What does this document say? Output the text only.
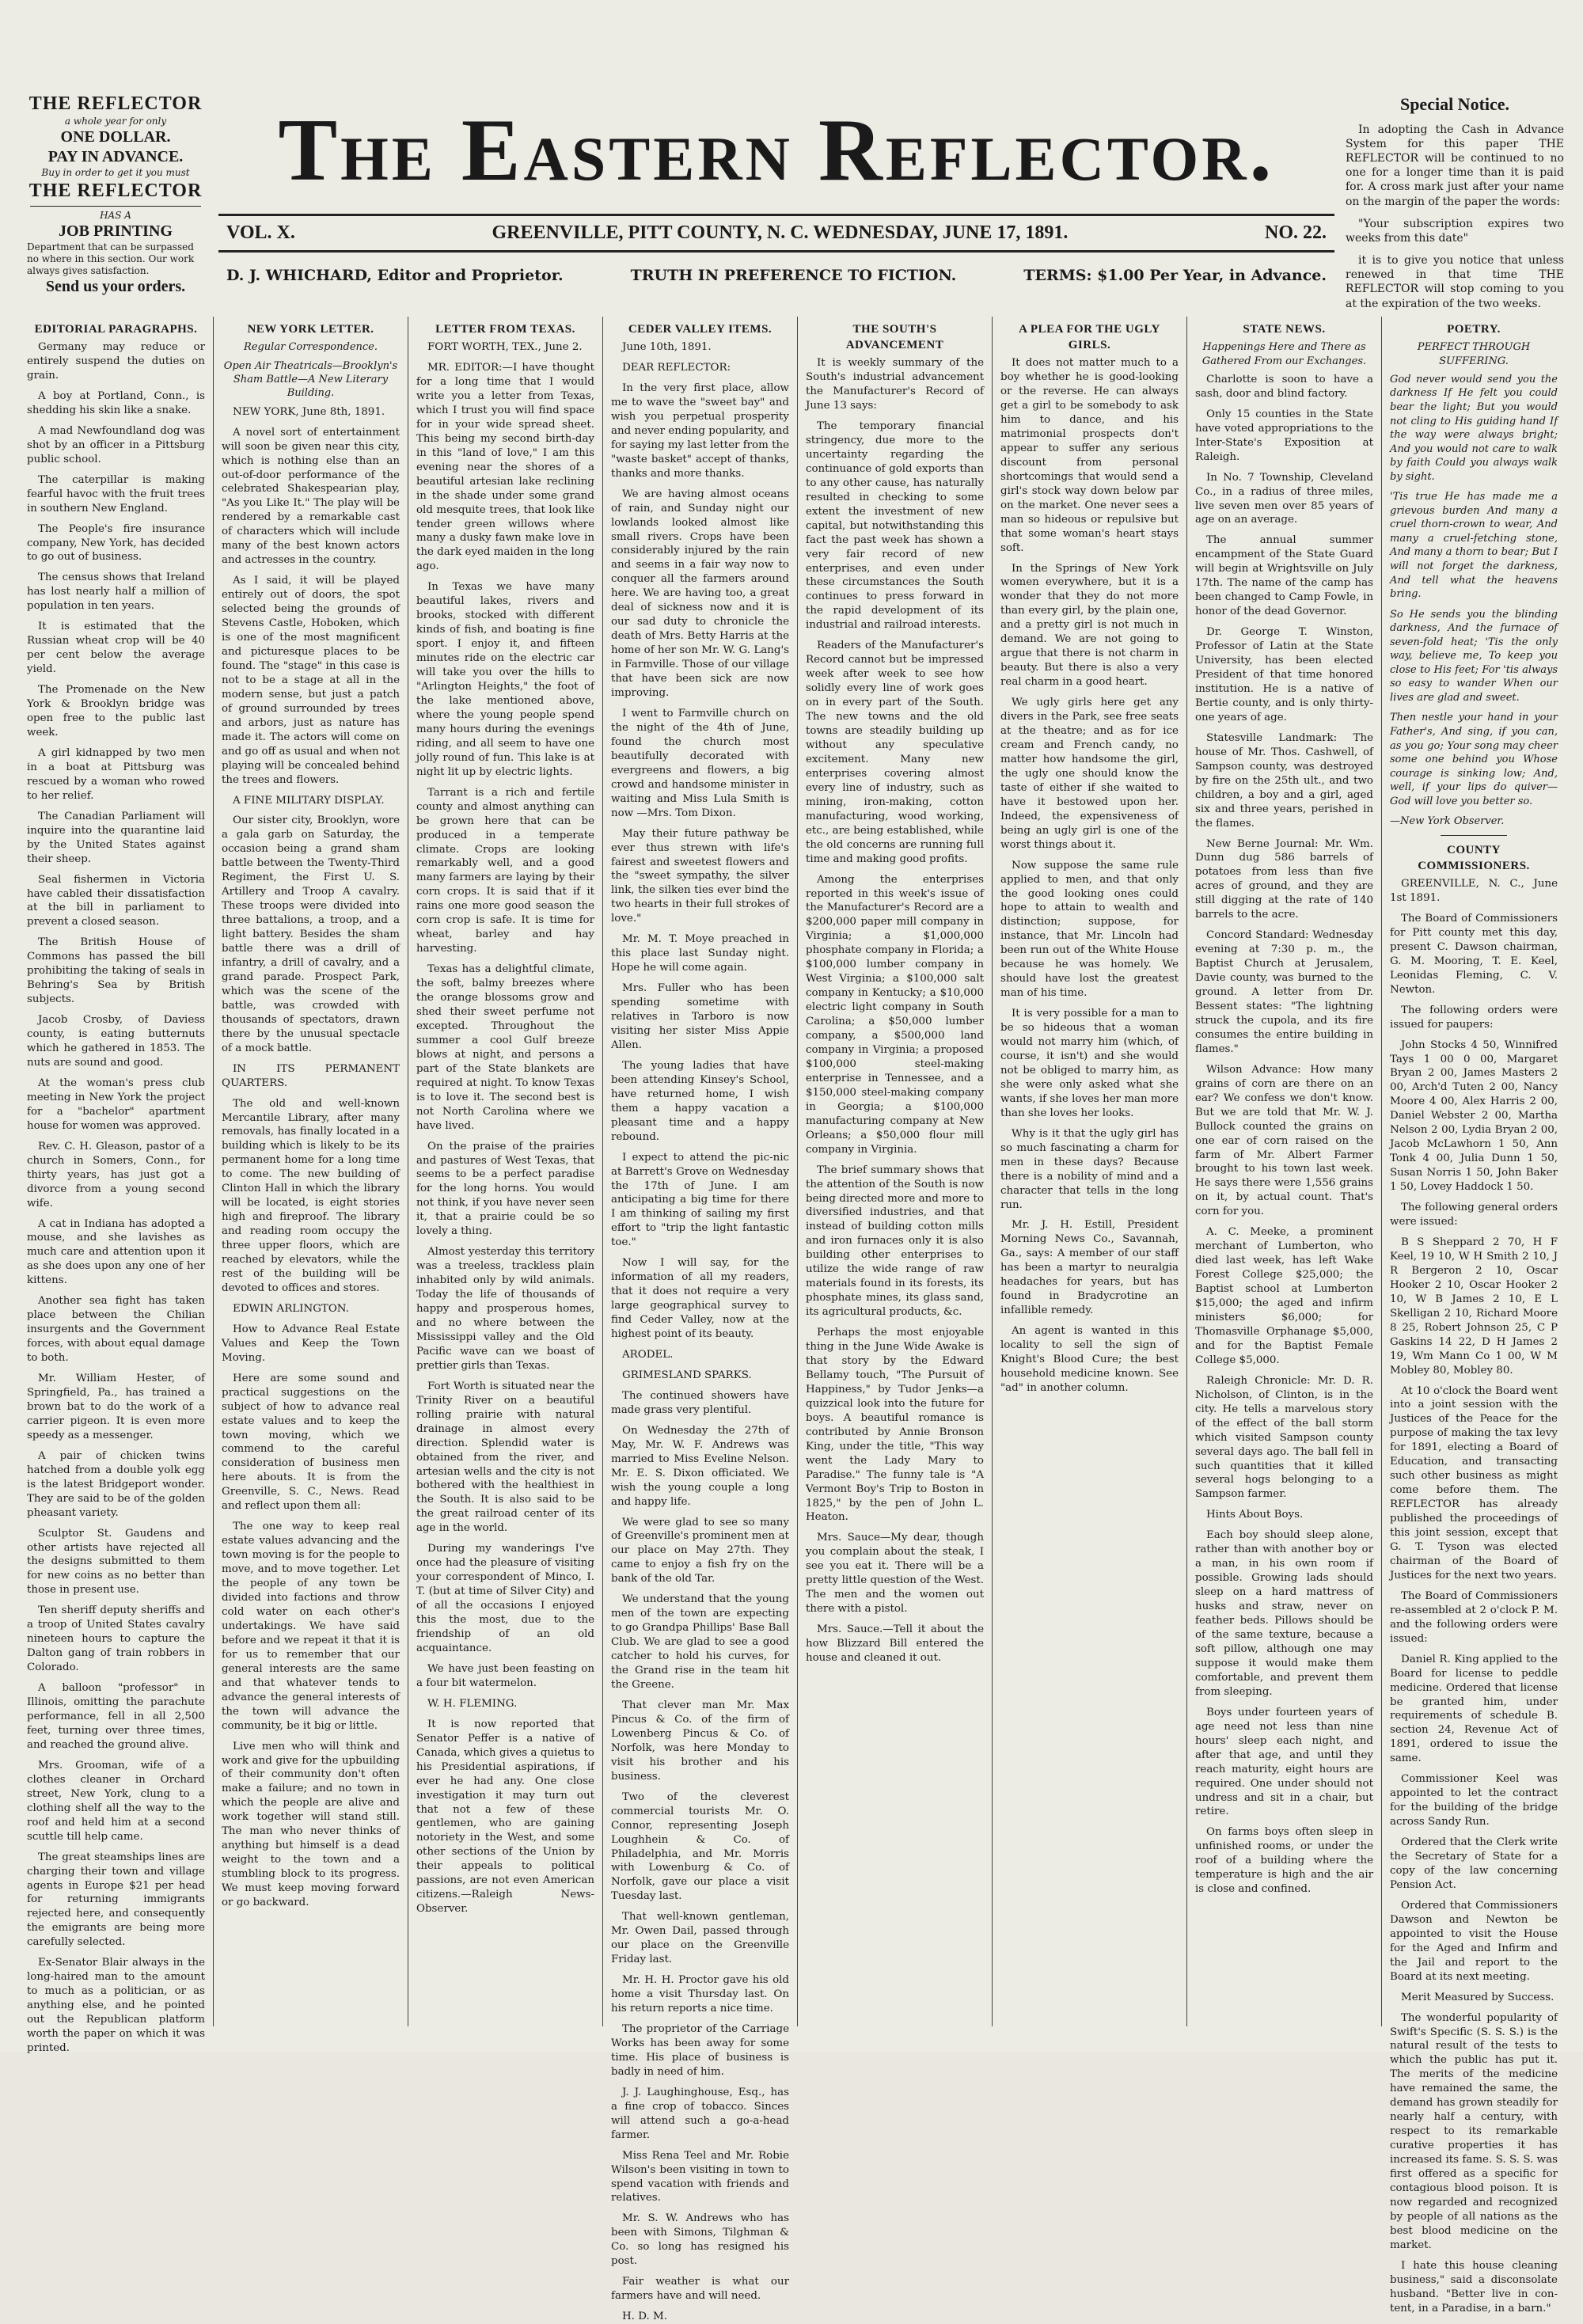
THE REFLECTOR
a whole year for only
ONE DOLLAR.
PAY IN ADVANCE.
Buy in order to get it you must
THE REFLECTOR
HAS A
JOB PRINTING
Department that can be surpassed no where in this section. Our work always gives satisfaction.
Send us your orders.
The Eastern Reflector.
VOL. X.	GREENVILLE, PITT COUNTY, N. C. WEDNESDAY, JUNE 17, 1891.	NO. 22.
D. J. WHICHARD, Editor and Proprietor.	TRUTH IN PREFERENCE TO FICTION.	TERMS: $1.00 Per Year, in Advance.
Special Notice.

In adopting the Cash in Advance System for this paper THE REFLECTOR will be continued to no one for a longer time than it is paid for. A cross mark just after your name on the margin of the paper the words:

"Your subscription expires two weeks from this date"

it is to give you notice that unless renewed in that time THE REFLECTOR will stop coming to you at the expiration of the two weeks.

EDITORIAL PARAGRAPHS.

Germany may reduce or entirely suspend the duties on grain.

A boy at Portland, Conn., is shedding his skin like a snake.

A mad Newfoundland dog was shot by an officer in a Pittsburg public school.

The caterpillar is making fearful havoc with the fruit trees in southern New England.

The People's fire insurance company, New York, has decided to go out of business.

The census shows that Ireland has lost nearly half a million of population in ten years.

It is estimated that the Russian wheat crop will be 40 per cent below the average yield.

The Promenade on the New York & Brooklyn bridge was open free to the public last week.

A girl kidnapped by two men in a boat at Pittsburg was rescued by a woman who rowed to her relief.

The Canadian Parliament will inquire into the quarantine laid by the United States against their sheep.

Seal fishermen in Victoria have cabled their dissatisfaction at the bill in parliament to prevent a closed season.

The British House of Commons has passed the bill prohibiting the taking of seals in Behring's Sea by British subjects.

Jacob Crosby, of Daviess county, is eating butternuts which he gathered in 1853. The nuts are sound and good.

At the woman's press club meeting in New York the project for a "bachelor" apartment house for women was approved.

Rev. C. H. Gleason, pastor of a church in Somers, Conn., for thirty years, has just got a divorce from a young second wife.

A cat in Indiana has adopted a mouse, and she lavishes as much care and attention upon it as she does upon any one of her kittens.

Another sea fight has taken place between the Chilian insurgents and the Government forces, with about equal damage to both.

Mr. William Hester, of Springfield, Pa., has trained a brown bat to do the work of a carrier pigeon. It is even more speedy as a messenger.

A pair of chicken twins hatched from a double yolk egg is the latest Bridgeport wonder. They are said to be of the golden pheasant variety.

Sculptor St. Gaudens and other artists have rejected all the designs submitted to them for new coins as no better than those in present use.

Ten sheriff deputy sheriffs and a troop of United States cavalry nineteen hours to capture the Dalton gang of train robbers in Colorado.

A balloon "professor" in Illinois, omitting the parachute performance, fell in all 2,500 feet, turning over three times, and reached the ground alive.

Mrs. Grooman, wife of a clothes cleaner in Orchard street, New York, clung to a clothing shelf all the way to the roof and held him at a second scuttle till help came.

The great steamships lines are charging their town and village agents in Europe $21 per head for returning immigrants rejected here, and consequently the emigrants are being more carefully selected.

Ex-Senator Blair always in the long-haired man to the amount to much as a politician, or as anything else, and he pointed out the Republican platform worth the paper on which it was printed.

NEW YORK LETTER.
Regular Correspondence.
Open Air Theatricals—Brooklyn's Sham Battle—A New Literary Building.

NEW YORK, June 8th, 1891.

A novel sort of entertainment will soon be given near this city, which is nothing else than an out-of-door performance of the celebrated Shakespearian play, "As you Like It." The play will be rendered by a remarkable cast of characters which will include many of the best known actors and actresses in the country.

As I said, it will be played entirely out of doors, the spot selected being the grounds of Stevens Castle, Hoboken, which is one of the most magnificent and picturesque places to be found. The "stage" in this case is not to be a stage at all in the modern sense, but just a patch of ground surrounded by trees and arbors, just as nature has made it. The actors will come on and go off as usual and when not playing will be concealed behind the trees and flowers.

A FINE MILITARY DISPLAY.

Our sister city, Brooklyn, wore a gala garb on Saturday, the occasion being a grand sham battle between the Twenty-Third Regiment, the First U. S. Artillery and Troop A cavalry. These troops were divided into three battalions, a troop, and a light battery. Besides the sham battle there was a drill of infantry, a drill of cavalry, and a grand parade. Prospect Park, which was the scene of the battle, was crowded with thousands of spectators, drawn there by the unusual spectacle of a mock battle.

IN ITS PERMANENT QUARTERS.

The old and well-known Mercantile Library, after many removals, has finally located in a building which is likely to be its permanent home for a long time to come. The new building of Clinton Hall in which the library will be located, is eight stories high and fireproof. The library and reading room occupy the three upper floors, which are reached by elevators, while the rest of the building will be devoted to offices and stores.

EDWIN ARLINGTON.

How to Advance Real Estate Values and Keep the Town Moving.

Here are some sound and practical suggestions on the subject of how to advance real estate values and to keep the town moving, which we commend to the careful consideration of business men here abouts. It is from the Greenville, S. C., News. Read and reflect upon them all:

The one way to keep real estate values advancing and the town moving is for the people to move, and to move together. Let the people of any town be divided into factions and throw cold water on each other's undertakings. We have said before and we repeat it that it is for us to remember that our general interests are the same and that whatever tends to advance the general interests of the town will advance the community, be it big or little.

Live men who will think and work and give for the upbuilding of their community don't often make a failure; and no town in which the people are alive and work together will stand still. The man who never thinks of anything but himself is a dead weight to the town and a stumbling block to its progress. We must keep moving forward or go backward.

LETTER FROM TEXAS.

FORT WORTH, TEX., June 2.

MR. EDITOR:—I have thought for a long time that I would write you a letter from Texas, which I trust you will find space for in your wide spread sheet. This being my second birth-day in this "land of love," I am this evening near the shores of a beautiful artesian lake reclining in the shade under some grand old mesquite trees, that look like tender green willows where many a dusky fawn make love in the dark eyed maiden in the long ago.

In Texas we have many beautiful lakes, rivers and brooks, stocked with different kinds of fish, and boating is fine sport. I enjoy it, and fifteen minutes ride on the electric car will take you over the hills to "Arlington Heights," the foot of the lake mentioned above, where the young people spend many hours during the evenings riding, and all seem to have one jolly round of fun. This lake is at night lit up by electric lights.

Tarrant is a rich and fertile county and almost anything can be grown here that can be produced in a temperate climate. Crops are looking remarkably well, and a good many farmers are laying by their corn crops. It is said that if it rains one more good season the corn crop is safe. It is time for wheat, barley and hay harvesting.

Texas has a delightful climate, the soft, balmy breezes where the orange blossoms grow and shed their sweet perfume not excepted. Throughout the summer a cool Gulf breeze blows at night, and persons a part of the State blankets are required at night. To know Texas is to love it. The second best is not North Carolina where we have lived.

On the praise of the prairies and pastures of West Texas, that seems to be a perfect paradise for the long horns. You would not think, if you have never seen it, that a prairie could be so lovely a thing.

Almost yesterday this territory was a treeless, trackless plain inhabited only by wild animals. Today the life of thousands of happy and prosperous homes, and no where between the Mississippi valley and the Old Pacific wave can we boast of prettier girls than Texas.

Fort Worth is situated near the Trinity River on a beautiful rolling prairie with natural drainage in almost every direction. Splendid water is obtained from the river, and artesian wells and the city is not bothered with the healthiest in the South. It is also said to be the great railroad center of its age in the world.

During my wanderings I've once had the pleasure of visiting your correspondent of Minco, I. T. (but at time of Silver City) and of all the occasions I enjoyed this the most, due to the friendship of an old acquaintance.

We have just been feasting on a four bit watermelon.

W. H. FLEMING.

It is now reported that Senator Peffer is a native of Canada, which gives a quietus to his Presidential aspirations, if ever he had any. One close investigation it may turn out that not a few of these gentlemen, who are gaining notoriety in the West, and some other sections of the Union by their appeals to political passions, are not even American citizens.—Raleigh News-Observer.

CEDER VALLEY ITEMS.

June 10th, 1891.

DEAR REFLECTOR:

In the very first place, allow me to wave the "sweet bay" and wish you perpetual prosperity and never ending popularity, and for saying my last letter from the "waste basket" accept of thanks, thanks and more thanks.

We are having almost oceans of rain, and Sunday night our lowlands looked almost like small rivers. Crops have been considerably injured by the rain and seems in a fair way now to conquer all the farmers around here. We are having too, a great deal of sickness now and it is our sad duty to chronicle the death of Mrs. Betty Harris at the home of her son Mr. W. G. Lang's in Farmville. Those of our village that have been sick are now improving.

I went to Farmville church on the night of the 4th of June, found the church most beautifully decorated with evergreens and flowers, a big crowd and handsome minister in waiting and Miss Lula Smith is now —Mrs. Tom Dixon.

May their future pathway be ever thus strewn with life's fairest and sweetest flowers and the "sweet sympathy, the silver link, the silken ties ever bind the two hearts in their full strokes of love."

Mr. M. T. Moye preached in this place last Sunday night. Hope he will come again.

Mrs. Fuller who has been spending sometime with relatives in Tarboro is now visiting her sister Miss Appie Allen.

The young ladies that have been attending Kinsey's School, have returned home, I wish them a happy vacation a pleasant time and a happy rebound.

I expect to attend the pic-nic at Barrett's Grove on Wednesday the 17th of June. I am anticipating a big time for there I am thinking of sailing my first effort to "trip the light fantastic toe."

Now I will say, for the information of all my readers, that it does not require a very large geographical survey to find Ceder Valley, now at the highest point of its beauty.

ARODEL.

GRIMESLAND SPARKS.

The continued showers have made grass very plentiful.

On Wednesday the 27th of May, Mr. W. F. Andrews was married to Miss Eveline Nelson. Mr. E. S. Dixon officiated. We wish the young couple a long and happy life.

We were glad to see so many of Greenville's prominent men at our place on May 27th. They came to enjoy a fish fry on the bank of the old Tar.

We understand that the young men of the town are expecting to go Grandpa Phillips' Base Ball Club. We are glad to see a good catcher to hold his curves, for the Grand rise in the team hit the Greene.

That clever man Mr. Max Pincus & Co. of the firm of Lowenberg Pincus & Co. of Norfolk, was here Monday to visit his brother and his business.

Two of the cleverest commercial tourists Mr. O. Connor, representing Joseph Loughhein & Co. of Philadelphia, and Mr. Morris with Lowenburg & Co. of Norfolk, gave our place a visit Tuesday last.

That well-known gentleman, Mr. Owen Dail, passed through our place on the Greenville Friday last.

Mr. H. H. Proctor gave his old home a visit Thursday last. On his return reports a nice time.

The proprietor of the Carriage Works has been away for some time. His place of business is badly in need of him.

J. J. Laughinghouse, Esq., has a fine crop of tobacco. Sinces will attend such a go-a-head farmer.

Miss Rena Teel and Mr. Robie Wilson's been visiting in town to spend vacation with friends and relatives.

Mr. S. W. Andrews who has been with Simons, Tilghman & Co. so long has resigned his post.

Fair weather is what our farmers have and will need.

H. D. M.

THE SOUTH'S ADVANCEMENT

It is weekly summary of the South's industrial advancement the Manufacturer's Record of June 13 says:

The temporary financial stringency, due more to the uncertainty regarding the continuance of gold exports than to any other cause, has naturally resulted in checking to some extent the investment of new capital, but notwithstanding this fact the past week has shown a very fair record of new enterprises, and even under these circumstances the South continues to press forward in the rapid development of its industrial and railroad interests.

Readers of the Manufacturer's Record cannot but be impressed week after week to see how solidly every line of work goes on in every part of the South. The new towns and the old towns are steadily building up without any speculative excitement. Many new enterprises covering almost every line of industry, such as mining, iron-making, cotton manufacturing, wood working, etc., are being established, while the old concerns are running full time and making good profits.

Among the enterprises reported in this week's issue of the Manufacturer's Record are a $200,000 paper mill company in Virginia; a $1,000,000 phosphate company in Florida; a $100,000 lumber company in West Virginia; a $100,000 salt company in Kentucky; a $10,000 electric light company in South Carolina; a $50,000 lumber company, a $500,000 land company in Virginia; a proposed $100,000 steel-making enterprise in Tennessee, and a $150,000 steel-making company in Georgia; a $100,000 manufacturing company at New Orleans; a $50,000 flour mill company in Virginia.

The brief summary shows that the attention of the South is now being directed more and more to diversified industries, and that instead of building cotton mills and iron furnaces only it is also building other enterprises to utilize the wide range of raw materials found in its forests, its phosphate mines, its glass sand, its agricultural products, &c.

Perhaps the most enjoyable thing in the June Wide Awake is that story by the Edward Bellamy touch, "The Pursuit of Happiness," by Tudor Jenks—a quizzical look into the future for boys. A beautiful romance is contributed by Annie Bronson King, under the title, "This way went the Lady Mary to Paradise." The funny tale is "A Vermont Boy's Trip to Boston in 1825," by the pen of John L. Heaton.

Mrs. Sauce—My dear, though you complain about the steak, I see you eat it. There will be a pretty little question of the West. The men and the women out there with a pistol.

Mrs. Sauce.—Tell it about the how Blizzard Bill entered the house and cleaned it out.

A PLEA FOR THE UGLY GIRLS.

It does not matter much to a boy whether he is good-looking or the reverse. He can always get a girl to be somebody to ask him to dance, and his matrimonial prospects don't appear to suffer any serious discount from personal shortcomings that would send a girl's stock way down below par on the market. One never sees a man so hideous or repulsive but that some woman's heart stays soft.

In the Springs of New York women everywhere, but it is a wonder that they do not more than every girl, by the plain one, and a pretty girl is not much in demand. We are not going to argue that there is not charm in beauty. But there is also a very real charm in a good heart.

We ugly girls here get any divers in the Park, see free seats at the theatre; and as for ice cream and French candy, no matter how handsome the girl, the ugly one should know the taste of either if she waited to have it bestowed upon her. Indeed, the expensiveness of being an ugly girl is one of the worst things about it.

Now suppose the same rule applied to men, and that only the good looking ones could hope to attain to wealth and distinction; suppose, for instance, that Mr. Lincoln had been run out of the White House because he was homely. We should have lost the greatest man of his time.

It is very possible for a man to be so hideous that a woman would not marry him (which, of course, it isn't) and she would not be obliged to marry him, as she were only asked what she wants, if she loves her man more than she loves her looks.

Why is it that the ugly girl has so much fascinating a charm for men in these days? Because there is a nobility of mind and a character that tells in the long run.

Mr. J. H. Estill, President Morning News Co., Savannah, Ga., says: A member of our staff has been a martyr to neuralgia headaches for years, but has found in Bradycrotine an infallible remedy.

An agent is wanted in this locality to sell the sign of Knight's Blood Cure; the best household medicine known. See "ad" in another column.

STATE NEWS.
Happenings Here and There as Gathered From our Exchanges.

Charlotte is soon to have a sash, door and blind factory.

Only 15 counties in the State have voted appropriations to the Inter-State's Exposition at Raleigh.

In No. 7 Township, Cleveland Co., in a radius of three miles, live seven men over 85 years of age on an average.

The annual summer encampment of the State Guard will begin at Wrightsville on July 17th. The name of the camp has been changed to Camp Fowle, in honor of the dead Governor.

Dr. George T. Winston, Professor of Latin at the State University, has been elected President of that time honored institution. He is a native of Bertie county, and is only thirty-one years of age.

Statesville Landmark: The house of Mr. Thos. Cashwell, of Sampson county, was destroyed by fire on the 25th ult., and two children, a boy and a girl, aged six and three years, perished in the flames.

New Berne Journal: Mr. Wm. Dunn dug 586 barrels of potatoes from less than five acres of ground, and they are still digging at the rate of 140 barrels to the acre.

Concord Standard: Wednesday evening at 7:30 p. m., the Baptist Church at Jerusalem, Davie county, was burned to the ground. A letter from Dr. Bessent states: "The lightning struck the cupola, and its fire consumes the entire building in flames."

Wilson Advance: How many grains of corn are there on an ear? We confess we don't know. But we are told that Mr. W. J. Bullock counted the grains on one ear of corn raised on the farm of Mr. Albert Farmer brought to his town last week. He says there were 1,556 grains on it, by actual count. That's corn for you.

A. C. Meeke, a prominent merchant of Lumberton, who died last week, has left Wake Forest College $25,000; the Baptist school at Lumberton $15,000; the aged and infirm ministers $6,000; for Thomasville Orphanage $5,000, and for the Baptist Female College $5,000.

Raleigh Chronicle: Mr. D. R. Nicholson, of Clinton, is in the city. He tells a marvelous story of the effect of the ball storm which visited Sampson county several days ago. The ball fell in such quantities that it killed several hogs belonging to a Sampson farmer.

Hints About Boys.

Each boy should sleep alone, rather than with another boy or a man, in his own room if possible. Growing lads should sleep on a hard mattress of husks and straw, never on feather beds. Pillows should be of the same texture, because a soft pillow, although one may suppose it would make them comfortable, and prevent them from sleeping.

Boys under fourteen years of age need not less than nine hours' sleep each night, and after that age, and until they reach maturity, eight hours are required. One under should not undress and sit in a chair, but retire.

On farms boys often sleep in unfinished rooms, or under the roof of a building where the temperature is high and the air is close and confined.

POETRY.
PERFECT THROUGH SUFFERING.

God never would send you the darkness If He felt you could bear the light; But you would not cling to His guiding hand If the way were always bright; And you would not care to walk by faith Could you always walk by sight.

'Tis true He has made me a grievous burden And many a cruel thorn-crown to wear, And many a cruel-fetching stone, And many a thorn to bear; But I will not forget the darkness, And tell what the heavens bring.

So He sends you the blinding darkness, And the furnace of seven-fold heat; 'Tis the only way, believe me, To keep you close to His feet; For 'tis always so easy to wander When our lives are glad and sweet.

Then nestle your hand in your Father's, And sing, if you can, as you go; Your song may cheer some one behind you Whose courage is sinking low; And, well, if your lips do quiver— God will love you better so.

—New York Observer.

COUNTY COMMISSIONERS.

GREENVILLE, N. C., June 1st 1891.

The Board of Commissioners for Pitt county met this day, present C. Dawson chairman, G. M. Mooring, T. E. Keel, Leonidas Fleming, C. V. Newton.

The following orders were issued for paupers:

John Stocks 4 50, Winnifred Tays 1 00 0 00, Margaret Bryan 2 00, James Masters 2 00, Arch'd Tuten 2 00, Nancy Moore 4 00, Alex Harris 2 00, Daniel Webster 2 00, Martha Nelson 2 00, Lydia Bryan 2 00, Jacob McLawhorn 1 50, Ann Tonk 4 00, Julia Dunn 1 50, Susan Norris 1 50, John Baker 1 50, Lovey Haddock 1 50.

The following general orders were issued:

B S Sheppard 2 70, H F Keel, 19 10, W H Smith 2 10, J R Bergeron 2 10, Oscar Hooker 2 10, Oscar Hooker 2 10, W B James 2 10, E L Skelligan 2 10, Richard Moore 8 25, Robert Johnson 25, C P Gaskins 14 22, D H James 2 19, Wm Mann Co 1 00, W M Mobley 80, Mobley 80.

At 10 o'clock the Board went into a joint session with the Justices of the Peace for the purpose of making the tax levy for 1891, electing a Board of Education, and transacting such other business as might come before them. The REFLECTOR has already published the proceedings of this joint session, except that G. T. Tyson was elected chairman of the Board of Justices for the next two years.

The Board of Commissioners re-assembled at 2 o'clock P. M. and the following orders were issued:

Daniel R. King applied to the Board for license to peddle medicine. Ordered that license be granted him, under requirements of schedule B. section 24, Revenue Act of 1891, ordered to issue the same.

Commissioner Keel was appointed to let the contract for the building of the bridge across Sandy Run.

Ordered that the Clerk write the Secretary of State for a copy of the law concerning Pension Act.

Ordered that Commissioners Dawson and Newton be appointed to visit the House for the Aged and Infirm and the Jail and report to the Board at its next meeting.

Merit Measured by Success.

The wonderful popularity of Swift's Specific (S. S. S.) is the natural result of the tests to which the public has put it. The merits of the medicine have remained the same, the demand has grown steadily for nearly half a century, with respect to its remarkable curative properties it has increased its fame. S. S. S. was first offered as a specific for contagious blood poison. It is now regarded and recognized by people of all nations as the best blood medicine on the market.

I hate this house cleaning business," said a disconsolate husband. "Better live in con-tent, in a Paradise, in a barn."
